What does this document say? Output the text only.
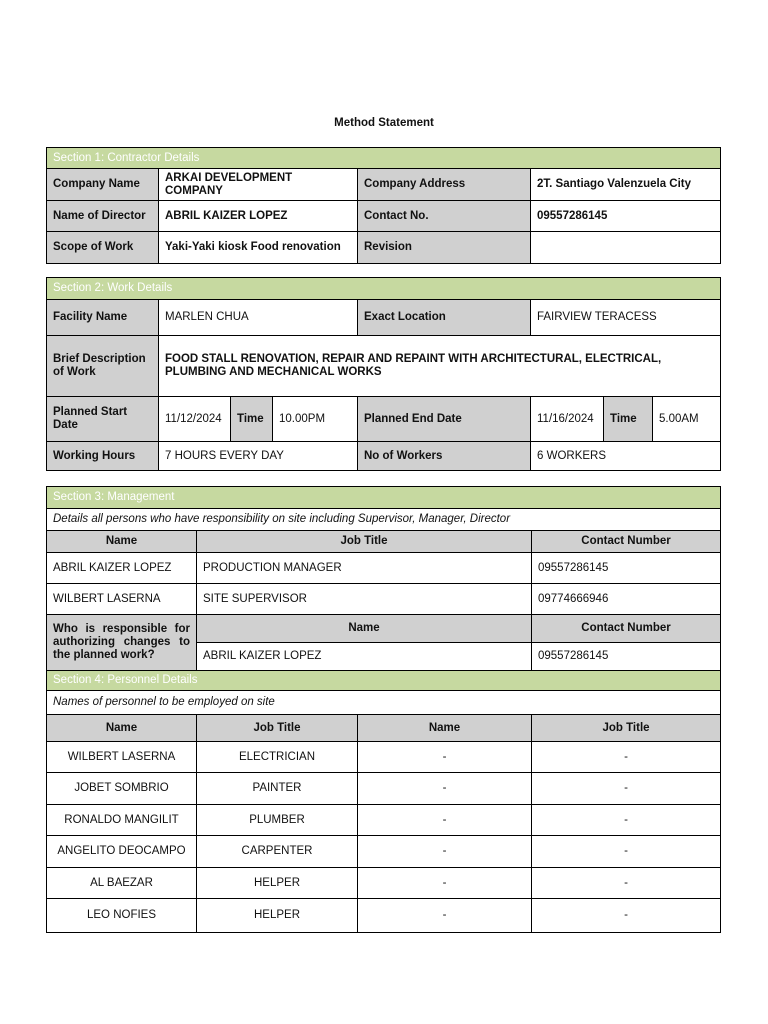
Method Statement
Section 1: Contractor Details			
Company Name	ARKAI DEVELOPMENT COMPANY	Company Address	2T. Santiago Valenzuela City
Name of Director	ABRIL KAIZER LOPEZ	Contact No.	09557286145
Scope of Work	Yaki-Yaki kiosk Food renovation	Revision	
Section 2: Work Details							
Facility Name	MARLEN CHUA			Exact Location	FAIRVIEW TERACESS		
Brief Description of Work	FOOD STALL RENOVATION, REPAIR AND REPAINT WITH ARCHITECTURAL, ELECTRICAL, PLUMBING AND MECHANICAL WORKS						
Planned Start Date	11/12/2024	Time	10.00PM	Planned End Date	11/16/2024	Time	5.00AM
Working Hours	7 HOURS EVERY DAY			No of Workers	6 WORKERS		
Section 3: Management			
Details all persons who have responsibility on site including Supervisor, Manager, Director			
Name	Job Title		Contact Number
ABRIL KAIZER LOPEZ	PRODUCTION MANAGER		09557286145
WILBERT LASERNA	SITE SUPERVISOR		09774666946
Who is responsible for authorizing changes to the planned work?	Name		Contact Number
	ABRIL KAIZER LOPEZ		09557286145
Section 4: Personnel Details			
Names of personnel to be employed on site			
Name	Job Title	Name	Job Title
WILBERT LASERNA	ELECTRICIAN	-	-
JOBET SOMBRIO	PAINTER	-	-
RONALDO MANGILIT	PLUMBER	-	-
ANGELITO DEOCAMPO	CARPENTER	-	-
AL BAEZAR	HELPER	-	-
LEO NOFIES	HELPER	-	-
